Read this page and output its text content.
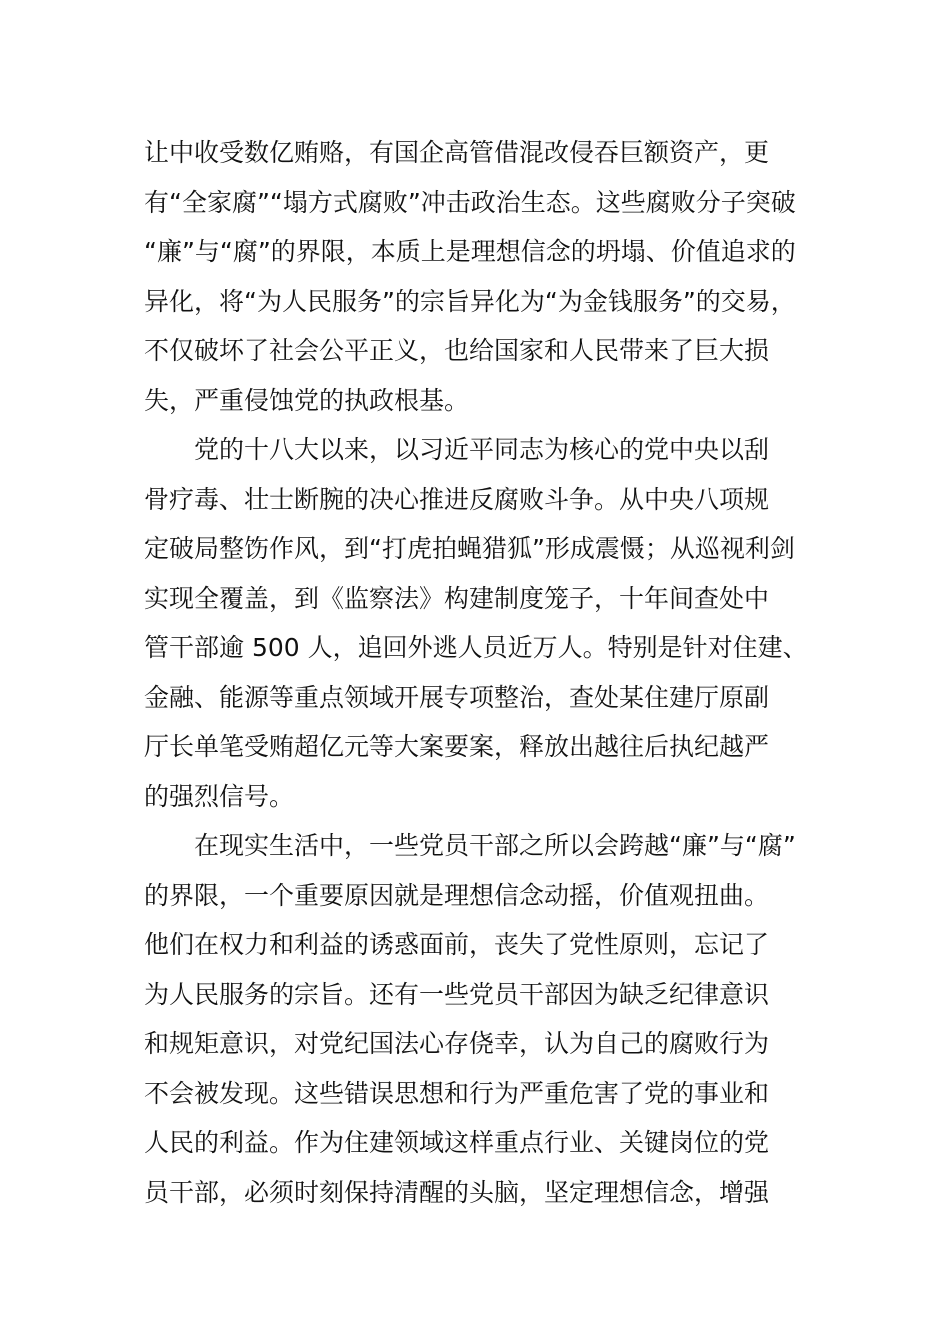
让中收受数亿贿赂，有国企高管借混改侵吞巨额资产，更
有“全家腐”“塌方式腐败”冲击政治生态。这些腐败分子突破
“廉”与“腐”的界限，本质上是理想信念的坍塌、价值追求的
异化，将“为人民服务”的宗旨异化为“为金钱服务”的交易，
不仅破坏了社会公平正义，也给国家和人民带来了巨大损
失，严重侵蚀党的执政根基。
党的十八大以来，以习近平同志为核心的党中央以刮
骨疗毒、壮士断腕的决心推进反腐败斗争。从中央八项规
定破局整饬作风，到“打虎拍蝇猎狐”形成震慑；从巡视利剑
实现全覆盖，到《监察法》构建制度笼子，十年间查处中
管干部逾 500 人，追回外逃人员近万人。特别是针对住建、
金融、能源等重点领域开展专项整治，查处某住建厅原副
厅长单笔受贿超亿元等大案要案，释放出越往后执纪越严
的强烈信号。
在现实生活中，一些党员干部之所以会跨越“廉”与“腐”
的界限，一个重要原因就是理想信念动摇，价值观扭曲。
他们在权力和利益的诱惑面前，丧失了党性原则，忘记了
为人民服务的宗旨。还有一些党员干部因为缺乏纪律意识
和规矩意识，对党纪国法心存侥幸，认为自己的腐败行为
不会被发现。这些错误思想和行为严重危害了党的事业和
人民的利益。作为住建领域这样重点行业、关键岗位的党
员干部，必须时刻保持清醒的头脑，坚定理想信念，增强
